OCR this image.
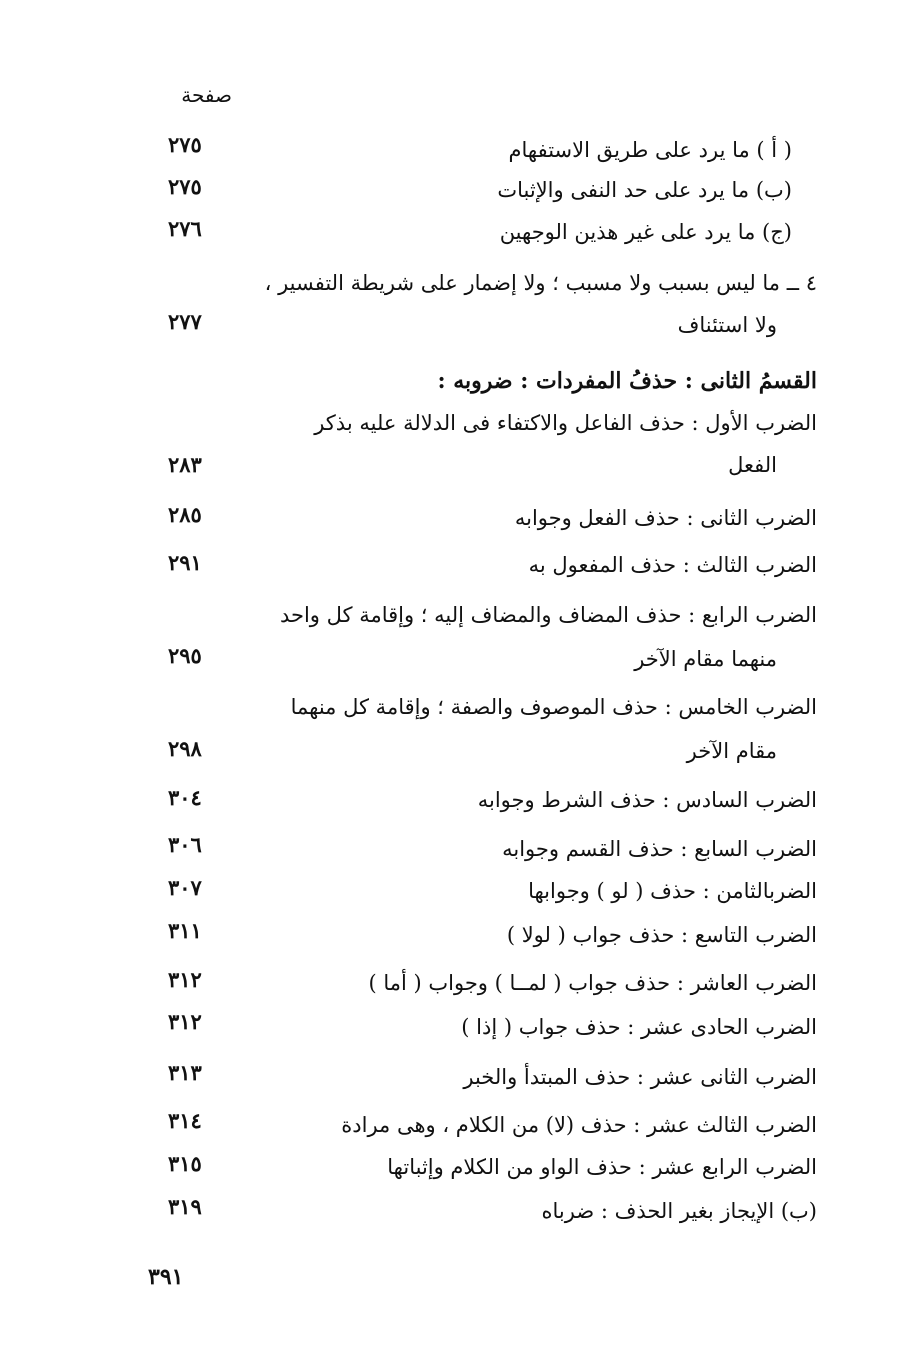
صفحة
( أ ) ما يرد على طريق الاستفهام
٢٧٥
(ب) ما يرد على حد النفى والإثبات
٢٧٥
(ج) ما يرد على غير هذين الوجهين
٢٧٦
٤ ــ ما ليس بسبب ولا مسبب ؛ ولا إضمار على شريطة التفسير ،
ولا استئناف
٢٧٧
القسمُ الثانى : حذفُ المفردات : ضروبه :
الضرب الأول : حذف الفاعل والاكتفاء فى الدلالة عليه بذكر
الفعل
٢٨٣
الضرب الثانى : حذف الفعل وجوابه
٢٨٥
الضرب الثالث : حذف المفعول به
٢٩١
الضرب الرابع : حذف المضاف والمضاف إليه ؛ وإقامة كل واحد
منهما مقام الآخر
٢٩٥
الضرب الخامس : حذف الموصوف والصفة ؛ وإقامة كل منهما
مقام الآخر
٢٩٨
الضرب السادس : حذف الشرط وجوابه
٣٠٤
الضرب السابع : حذف القسم وجوابه
٣٠٦
الضربالثامن : حذف ( لو ) وجوابها
٣٠٧
الضرب التاسع : حذف جواب ( لولا )
٣١١
الضرب العاشر : حذف جواب ( لمــا ) وجواب ( أما )
٣١٢
الضرب الحادى عشر : حذف جواب ( إذا )
٣١٢
الضرب الثانى عشر : حذف المبتدأ والخبر
٣١٣
الضرب الثالث عشر : حذف (لا) من الكلام ، وهى مرادة
٣١٤
الضرب الرابع عشر : حذف الواو من الكلام وإثباتها
٣١٥
(ب) الإيجاز بغير الحذف : ضرباه
٣١٩
٣٩١
